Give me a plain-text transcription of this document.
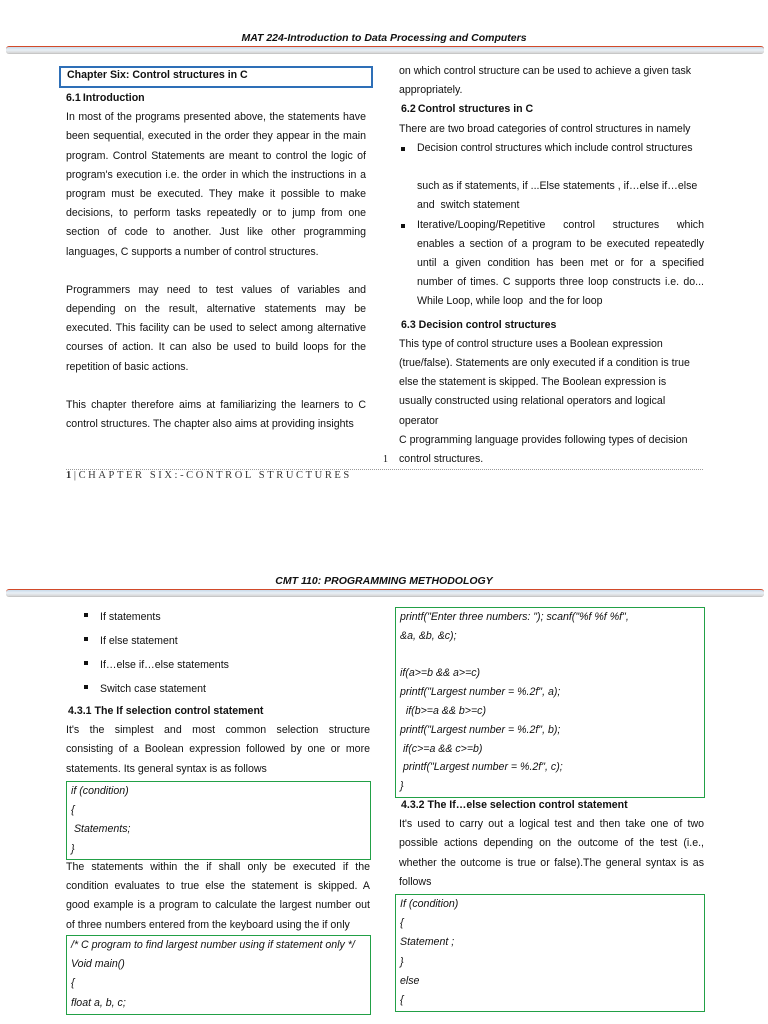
MAT 224-Introduction to Data Processing and Computers
Chapter Six: Control structures in C
6.1 Introduction
In most of the programs presented above, the statements have
been sequential, executed in the order they appear in the main
program. Control Statements are meant to control the logic of
program's execution i.e. the order in which the instructions in a
program must be executed. They make it possible to make
decisions, to perform tasks repeatedly or to jump from one
section of code to another. Just like other programming
languages, C supports a number of control structures.
Programmers may need to test values of variables and
depending on the result, alternative statements may be
executed. This facility can be used to select among alternative
courses of action. It can also be used to build loops for the
repetition of basic actions.
This chapter therefore aims at familiarizing the learners to C
control structures. The chapter also aims at providing insights
on which control structure can be used to achieve a given task
appropriately.
6.2 Control structures in C
There are two broad categories of control structures in namely
Decision control structures which include control structures

such as if statements, if ...Else statements , if…else if…else
and  switch statement
Iterative/Looping/Repetitive control structures which
enables a section of a program to be executed repeatedly
until a given condition has been met or for a specified
number of times. C supports three loop constructs i.e. do...
While Loop, while loop  and the for loop
6.3 Decision control structures
This type of control structure uses a Boolean expression
(true/false). Statements are only executed if a condition is true
else the statement is skipped. The Boolean expression is
usually constructed using relational operators and logical
operator
C programming language provides following types of decision
control structures.
1
1|CHAPTER SIX:-CONTROL STRUCTURES
CMT 110: PROGRAMMING METHODOLOGY
If statements
If else statement
If…else if…else statements
Switch case statement
4.3.1 The If selection control statement
It's the simplest and most common selection structure
consisting of a Boolean expression followed by one or more
statements. Its general syntax is as follows
if (condition)
{
Statements;
}
The statements within the if shall only be executed if the
condition evaluates to true else the statement is skipped. A
good example is a program to calculate the largest number out
of three numbers entered from the keyboard using the if only
/* C program to find largest number using if statement only */
Void main()
{
float a, b, c;
printf("Enter three numbers: "); scanf("%f %f %f",
&a, &b, &c);

if(a>=b && a>=c)
printf("Largest number = %.2f", a);
if(b>=a && b>=c)
printf("Largest number = %.2f", b);
if(c>=a && c>=b)
printf("Largest number = %.2f", c);
}
4.3.2 The If…else selection control statement
It's used to carry out a logical test and then take one of two
possible actions depending on the outcome of the test (i.e.,
whether the outcome is true or false).The general syntax is as
follows
If (condition)
{
Statement ;
}
else
{
